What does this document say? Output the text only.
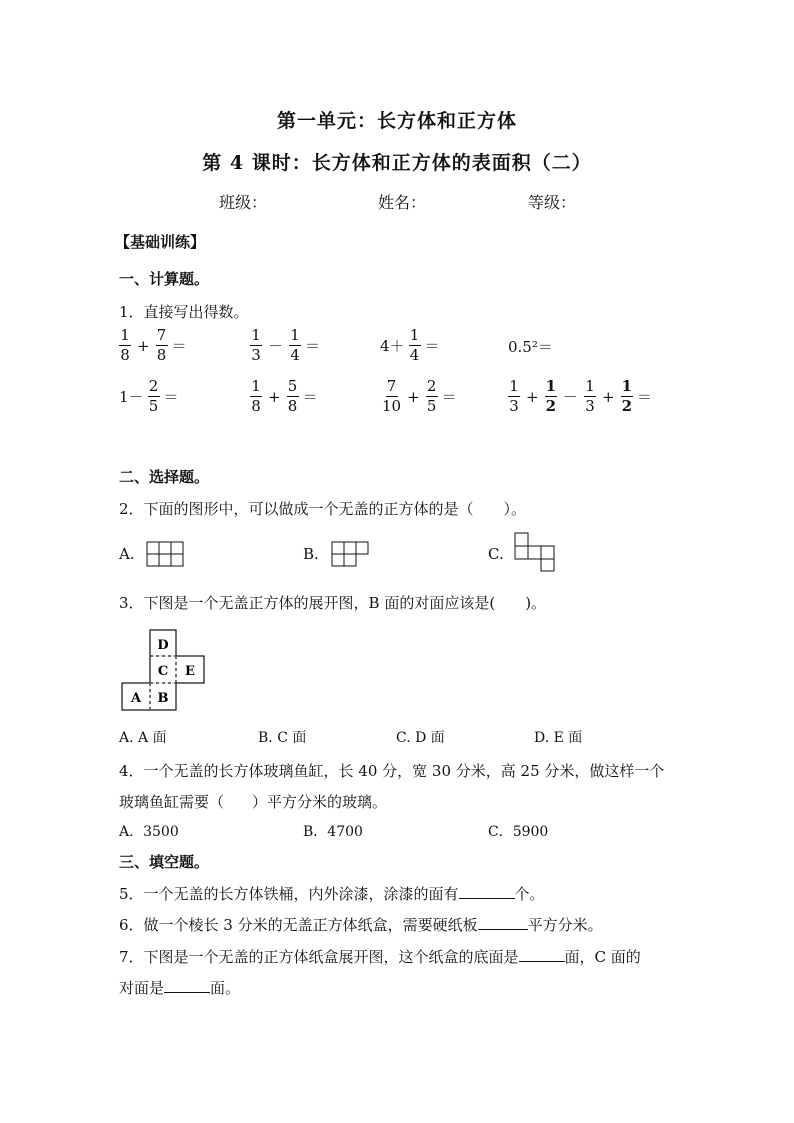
第一单元：长方体和正方体
第 4 课时：长方体和正方体的表面积（二）
班级：	姓名：	等级：
【基础训练】
一、计算题。
1．直接写出得数。
$\frac{1}{8} + \frac{7}{8}$ ＝	$\frac{1}{3} - \frac{1}{4}$ ＝	$4+ \frac{1}{4}$ ＝	0.5²＝
$1- \frac{2}{5}$ ＝	$\frac{1}{8} + \frac{5}{8}$ ＝	$\frac{7}{10} + \frac{2}{5}$ ＝	$\frac{1}{3} + \frac{1}{2} - \frac{1}{3} + \frac{1}{2}$ ＝
二、选择题。
2．下面的图形中，可以做成一个无盖的正方体的是（　　）。
A.	B.	C.
3．下图是一个无盖正方体的展开图，B 面的对面应该是(　　)。
D
C E
A B
A. A 面	B. C 面	C. D 面	D. E 面
4．一个无盖的长方体玻璃鱼缸，长 40 分，宽 30 分米，高 25 分米，做这样一个
玻璃鱼缸需要（ ）平方分米的玻璃。
A．3500	B．4700	C．5900
三、填空题。
5．一个无盖的长方体铁桶，内外涂漆，涂漆的面有	个。
6．做一个棱长 3 分米的无盖正方体纸盒，需要硬纸板	平方分米。
7．下图是一个无盖的正方体纸盒展开图，这个纸盒的底面是	面，C 面的
对面是	面。
